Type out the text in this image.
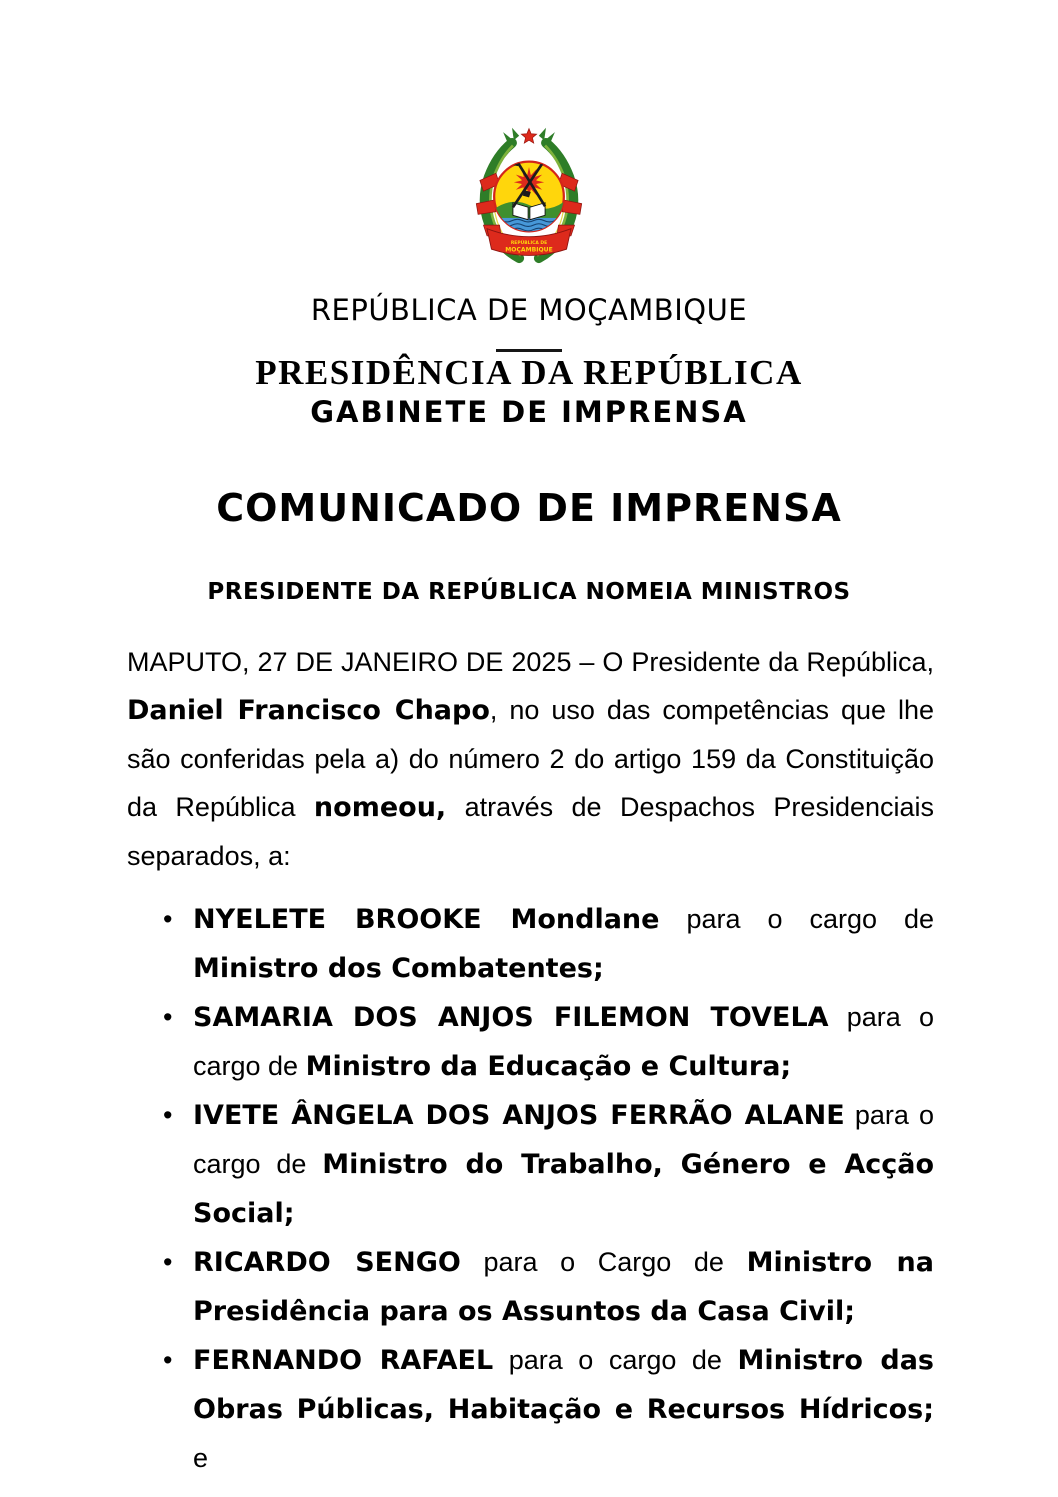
REPÚBLICA DE
MOÇAMBIQUE
REPÚBLICA DE MOÇAMBIQUE
PRESIDÊNCIA DA REPÚBLICA
GABINETE DE IMPRENSA
COMUNICADO DE IMPRENSA
PRESIDENTE DA REPÚBLICA NOMEIA MINISTROS

MAPUTO, 27 DE JANEIRO DE 2025 – O Presidente da República, Daniel Francisco Chapo, no uso das competências que lhe são conferidas pela a) do número 2 do artigo 159 da Constituição da República nomeou, através de Despachos Presidenciais separados, a:

• NYELETE BROOKE Mondlane para o cargo de Ministro dos Combatentes;
• SAMARIA DOS ANJOS FILEMON TOVELA para o cargo de Ministro da Educação e Cultura;
• IVETE ÂNGELA DOS ANJOS FERRÃO ALANE para o cargo de Ministro do Trabalho, Género e Acção Social;
• RICARDO SENGO para o Cargo de Ministro na Presidência para os Assuntos da Casa Civil;
• FERNANDO RAFAEL para o cargo de Ministro das Obras Públicas, Habitação e Recursos Hídricos; e
